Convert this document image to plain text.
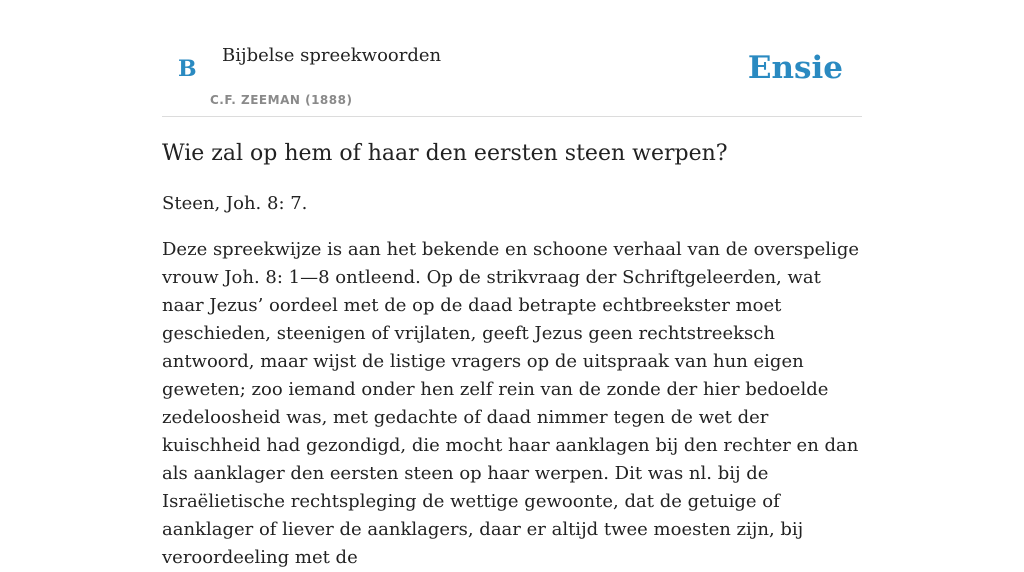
B
Bijbelse spreekwoorden
C.F. ZEEMAN (1888)
Ensie
Wie zal op hem of haar den eersten steen werpen?

Steen, Joh. 8: 7.

Deze spreekwijze is aan het bekende en schoone verhaal van de overspelige vrouw Joh. 8: 1—8 ontleend. Op de strikvraag der Schriftgeleerden, wat naar Jezus’ oordeel met de op de daad betrapte echtbreekster moet geschieden, steenigen of vrijlaten, geeft Jezus geen rechtstreeksch antwoord, maar wijst de listige vragers op de uitspraak van hun eigen geweten; zoo iemand onder hen zelf rein van de zonde der hier bedoelde zedeloosheid was, met gedachte of daad nimmer tegen de wet der kuischheid had gezondigd, die mocht haar aanklagen bij den rechter en dan als aanklager den eersten steen op haar werpen. Dit was nl. bij de Israëlietische rechtspleging de wettige gewoonte, dat de getuige of aanklager of liever de aanklagers, daar er altijd twee moesten zijn, bij veroordeeling met de
